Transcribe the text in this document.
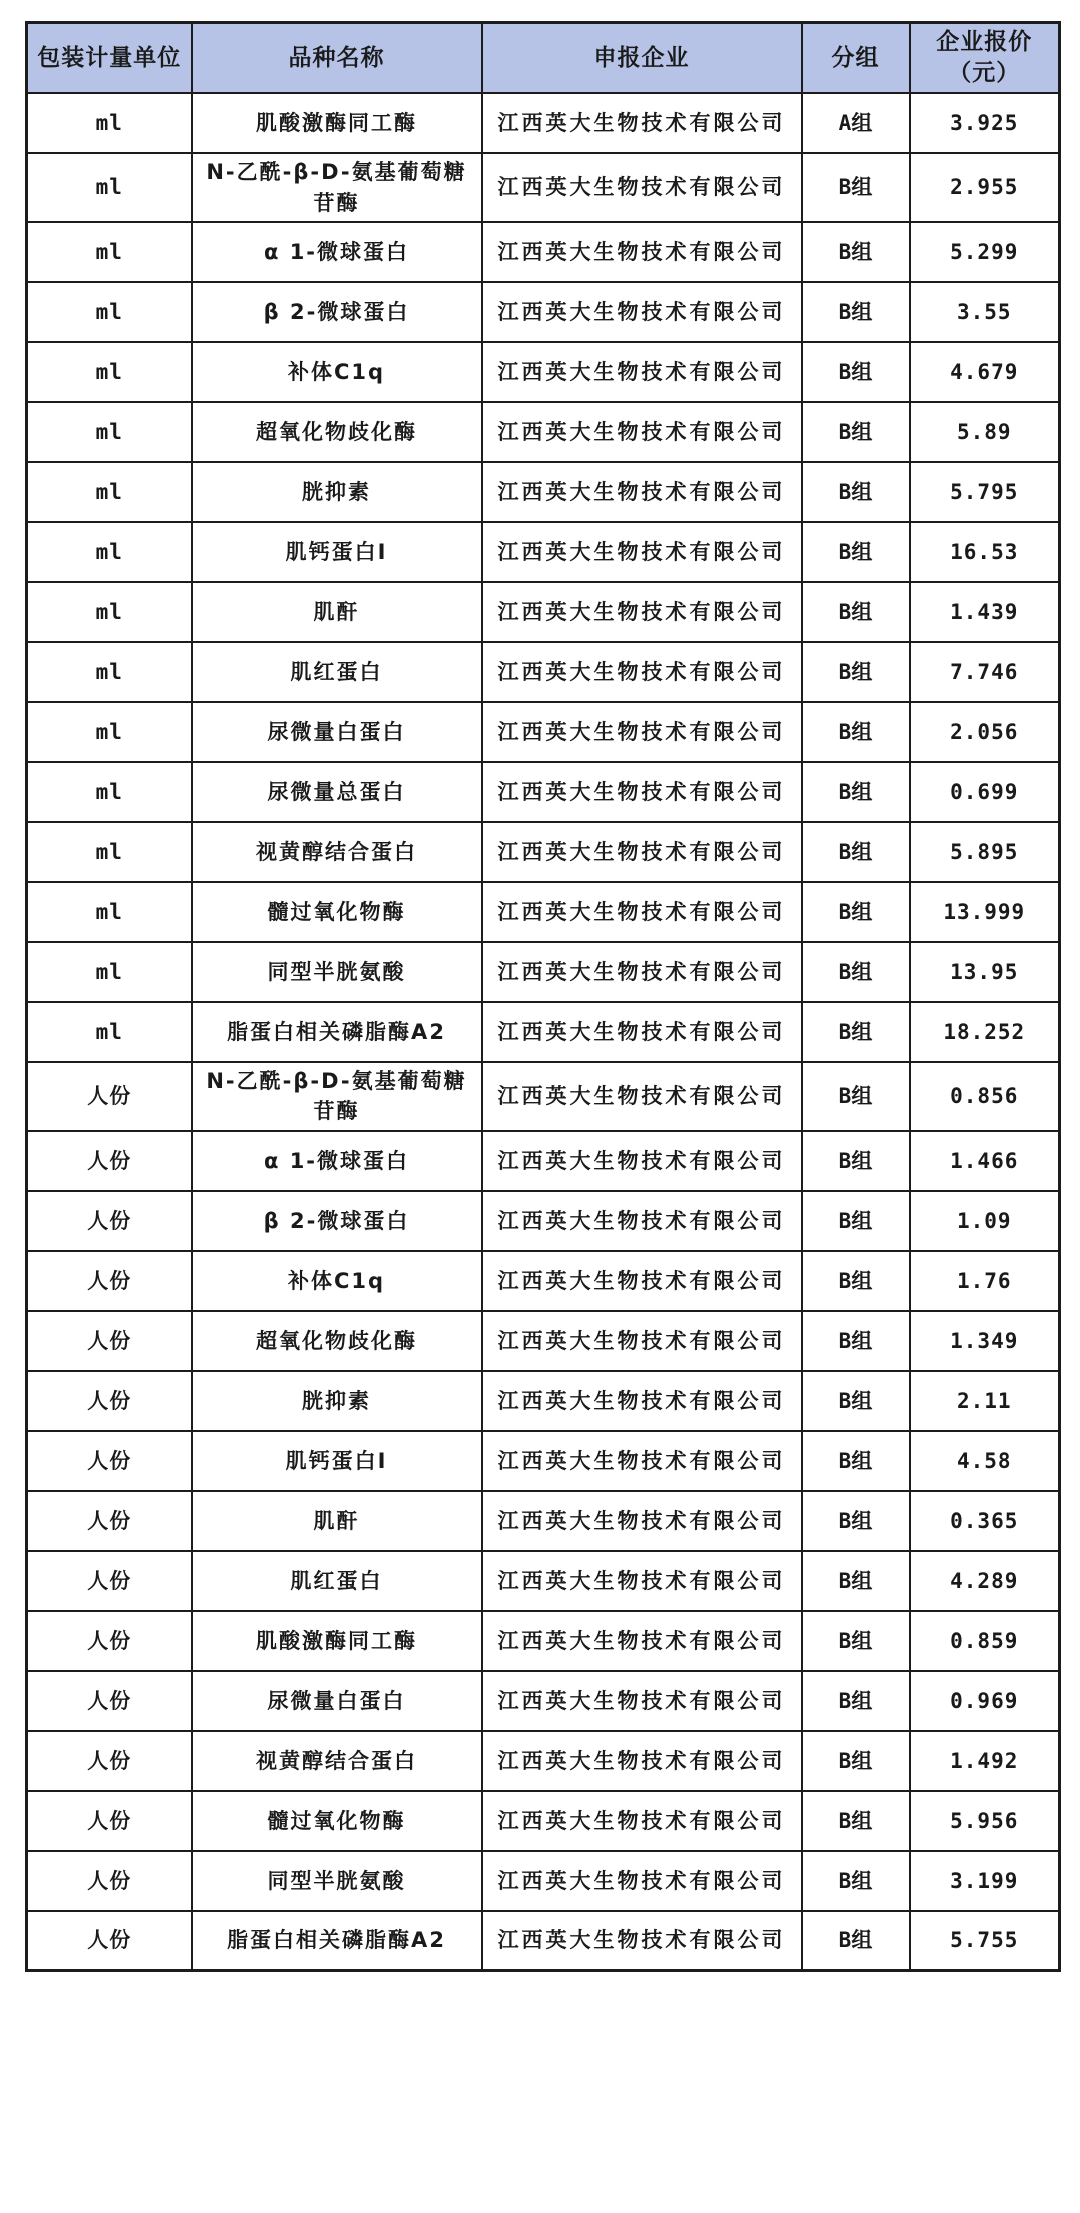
包装计量单位	品种名称	申报企业	分组	企业报价
（元）

ml	肌酸激酶同工酶	江西英大生物技术有限公司	A组	3.925
ml	N-乙酰-β-D-氨基葡萄糖苷酶	江西英大生物技术有限公司	B组	2.955
ml	α 1-微球蛋白	江西英大生物技术有限公司	B组	5.299
ml	β 2-微球蛋白	江西英大生物技术有限公司	B组	3.55
ml	补体C1q	江西英大生物技术有限公司	B组	4.679
ml	超氧化物歧化酶	江西英大生物技术有限公司	B组	5.89
ml	胱抑素	江西英大生物技术有限公司	B组	5.795
ml	肌钙蛋白I	江西英大生物技术有限公司	B组	16.53
ml	肌酐	江西英大生物技术有限公司	B组	1.439
ml	肌红蛋白	江西英大生物技术有限公司	B组	7.746
ml	尿微量白蛋白	江西英大生物技术有限公司	B组	2.056
ml	尿微量总蛋白	江西英大生物技术有限公司	B组	0.699
ml	视黄醇结合蛋白	江西英大生物技术有限公司	B组	5.895
ml	髓过氧化物酶	江西英大生物技术有限公司	B组	13.999
ml	同型半胱氨酸	江西英大生物技术有限公司	B组	13.95
ml	脂蛋白相关磷脂酶A2	江西英大生物技术有限公司	B组	18.252
人份	N-乙酰-β-D-氨基葡萄糖苷酶	江西英大生物技术有限公司	B组	0.856
人份	α 1-微球蛋白	江西英大生物技术有限公司	B组	1.466
人份	β 2-微球蛋白	江西英大生物技术有限公司	B组	1.09
人份	补体C1q	江西英大生物技术有限公司	B组	1.76
人份	超氧化物歧化酶	江西英大生物技术有限公司	B组	1.349
人份	胱抑素	江西英大生物技术有限公司	B组	2.11
人份	肌钙蛋白I	江西英大生物技术有限公司	B组	4.58
人份	肌酐	江西英大生物技术有限公司	B组	0.365
人份	肌红蛋白	江西英大生物技术有限公司	B组	4.289
人份	肌酸激酶同工酶	江西英大生物技术有限公司	B组	0.859
人份	尿微量白蛋白	江西英大生物技术有限公司	B组	0.969
人份	视黄醇结合蛋白	江西英大生物技术有限公司	B组	1.492
人份	髓过氧化物酶	江西英大生物技术有限公司	B组	5.956
人份	同型半胱氨酸	江西英大生物技术有限公司	B组	3.199
人份	脂蛋白相关磷脂酶A2	江西英大生物技术有限公司	B组	5.755
